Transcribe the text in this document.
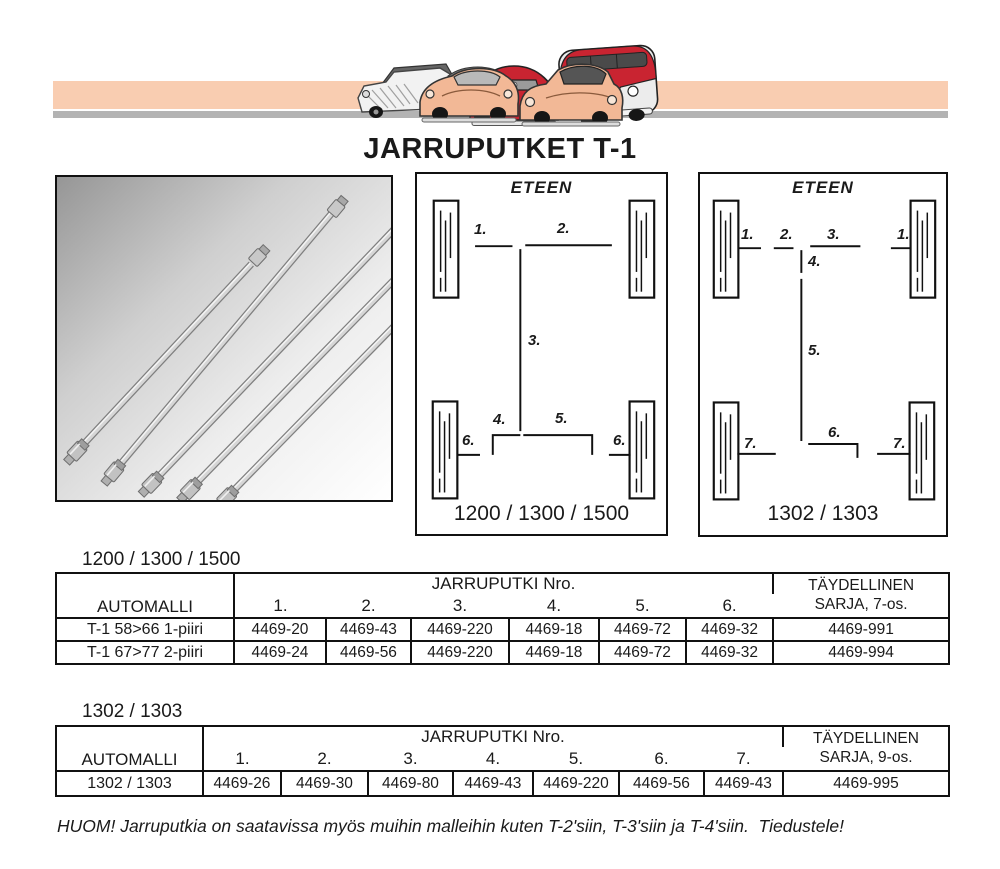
JARRUPUTKET T-1
ETEEN
1.	2.
3.
4.	5.
6.	6.
1200 / 1300 / 1500
ETEEN
1. 2. 3.	1.
4.
5.
6.
7.	7.
1302 / 1303
1200 / 1300 / 1500
AUTOMALLI	JARRUPUTKI Nro.						TÄYDELLINEN
SARJA, 7-os.

	1.	2.	3.	4.	5.	6.	
T-1 58>66 1-piiri	4469-20	4469-43	4469-220	4469-18	4469-72	4469-32	4469-991
T-1 67>77 2-piiri	4469-24	4469-56	4469-220	4469-18	4469-72	4469-32	4469-994
1302 / 1303
AUTOMALLI	JARRUPUTKI Nro.							TÄYDELLINEN
SARJA, 9-os.

	1.	2.	3.	4.	5.	6.	7.	
1302 / 1303	4469-26	4469-30	4469-80	4469-43	4469-220	4469-56	4469-43	4469-995
HUOM! Jarruputkia on saatavissa myös muihin malleihin kuten T-2'siin, T-3'siin ja T-4'siin.  Tiedustele!
